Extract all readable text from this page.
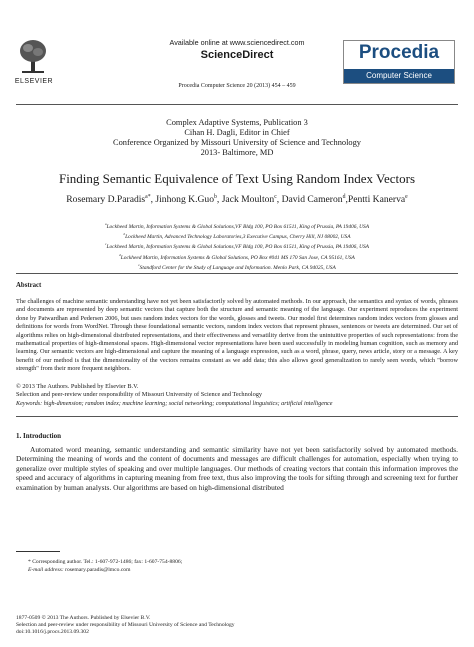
ELSEVIER
Available online at www.sciencedirect.com
ScienceDirect
Procedia Computer Science 20 (2013) 454 – 459
Procedia
Computer Science
Complex Adaptive Systems, Publication 3
Cihan H. Dagli, Editor in Chief
Conference Organized by Missouri University of Science and Technology
2013- Baltimore, MD
Finding Semantic Equivalence of Text Using Random Index Vectors
Rosemary D.Paradis$^{a*}$, Jinhong K.Guo$^b$, Jack Moulton$^c$, David Cameron$^d$,Pentti Kanerva$^e$
$^a$Lockheed Martin, Information Systems & Global Solutions,VF Bldg 100, PO Box 61511, King of Prussia, PA 19406, USA
$^b$Lockheed Martin, Advanced Technology Laboratories,3 Executive Campus, Cherry Hill, NJ 08002, USA
$^c$Lockheed Martin, Information Systems & Global Solutions,VF Bldg 100, PO Box 61511, King of Prussia, PA 19406, USA
$^d$Lockheed Martin, Information Systems & Global Solutions, PO Box #041 MS 170 San Jose, CA 95161, USA
$^e$Standford Center for the Study of Language and Information. Menlo Park, CA 94025, USA
Abstract
The challenges of machine semantic understanding have not yet been satisfactorily solved by automated methods. In our approach, the semantics and syntax of words, phrases and documents are represented by deep semantic vectors that capture both the structure and semantic meaning of the language. Our experiment reproduces the experiment done by Patwardhan and Pedersen 2006, but uses random index vectors for the words, glosses and tweets. Our model first determines random index vectors from glosses and definitions for words from WordNet. Through these foundational semantic vectors, random index vectors that represent phrases, sentences or tweets are determined. Our set of algorithms relies on high-dimensional distributed representations, and their effectiveness and versatility derive from the unintuitive properties of such representations: from the mathematical properties of high-dimensional spaces. High-dimensional vector representations have been used successfully in modeling human cognition, such as memory and learning. Our semantic vectors are high-dimensional and capture the meaning of a language expression, such as a word, phrase, query, news article, story or a message. A key benefit of our method is that the dimensionality of the vectors remains constant as we add data; this also allows good generalization to rarely seen words, which "borrow strength" from their more frequent neighbors.
© 2013 The Authors. Published by Elsevier B.V.
Selection and peer-review under responsibility of Missouri University of Science and Technology
Keywords: high-dimension; random index; machine learning; social networking; computational linguistics; artificial intelligence
1. Introduction
Automated word meaning, semantic understanding and semantic similarity have not yet been satisfactorily solved by automated methods. Determining the meaning of words and the content of documents and messages are difficult challenges for automation, especially when trying to generalize over multiple styles of speaking and over multiple languages. Our methods of creating vectors that contain this information improves the speed and accuracy of algorithms in capturing meaning from free text, thus also improving the tools for sifting through and screening text for further examination by human analysts. Our algorithms are based on high-dimensional distributed
* Corresponding author. Tel.: 1-607-972-1486; fax: 1-607-754-8806;
E-mail address: rosemary.paradis@lmco.com
1877-0509 © 2013 The Authors. Published by Elsevier B.V.
Selection and peer-review under responsibility of Missouri University of Science and Technology
doi:10.1016/j.procs.2013.09.302
